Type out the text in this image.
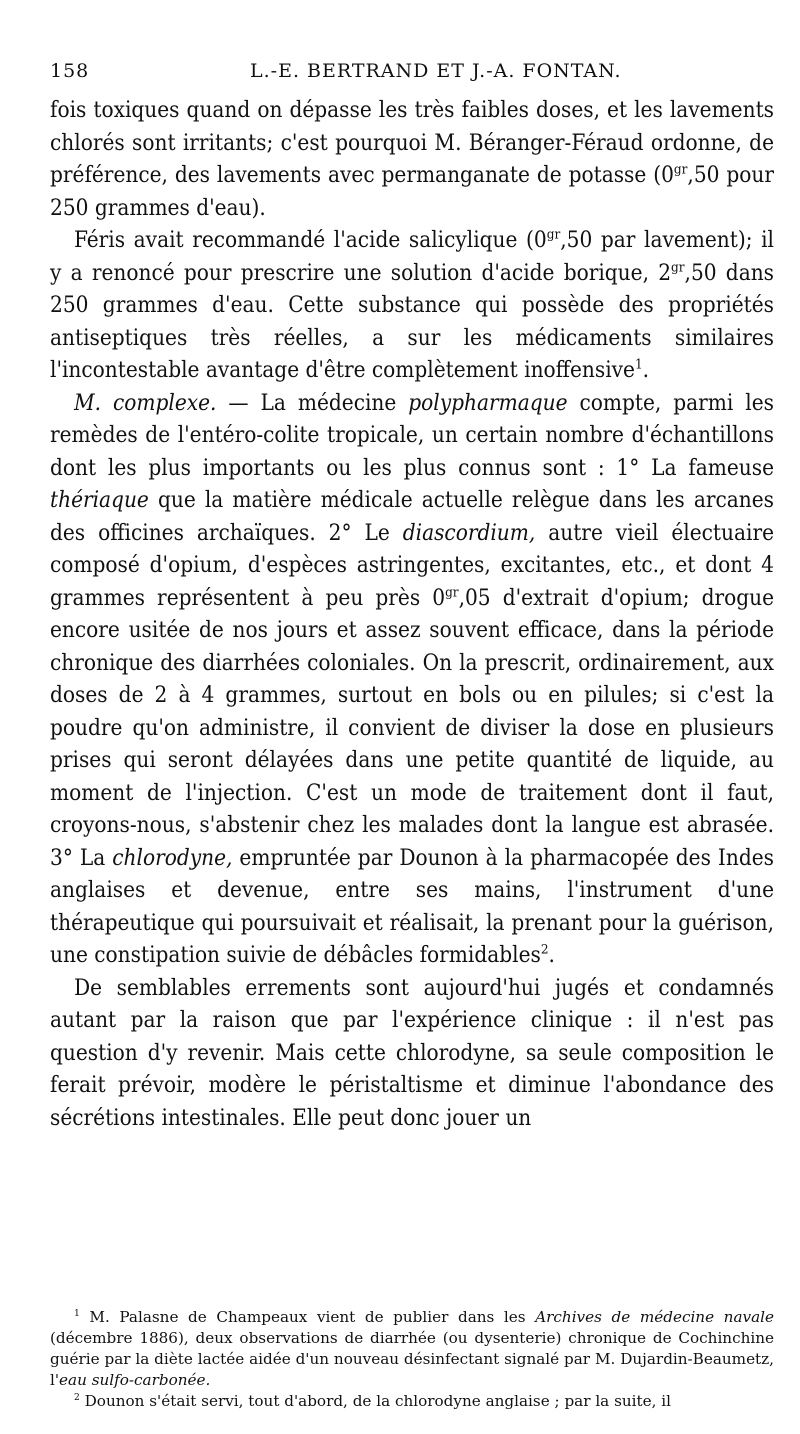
158	L.-E. BERTRAND ET J.-A. FONTAN.

fois toxiques quand on dépasse les très faibles doses, et les lavements chlorés sont irritants; c'est pourquoi M. Béranger-Féraud ordonne, de préférence, des lavements avec permanganate de potasse ($0^{gr},50$ pour 250 grammes d'eau).

Féris avait recommandé l'acide salicylique ($0^{gr},50$ par lavement); il y a renoncé pour prescrire une solution d'acide borique, $2^{gr},50$ dans 250 grammes d'eau. Cette substance qui possède des propriétés antiseptiques très réelles, a sur les médicaments similaires l'incontestable avantage d'être complètement inoffensive$^1$.

M. complexe. — La médecine polypharmaque compte, parmi les remèdes de l'entéro-colite tropicale, un certain nombre d'échantillons dont les plus importants ou les plus connus sont : 1° La fameuse thériaque que la matière médicale actuelle relègue dans les arcanes des officines archaïques. 2° Le diascordium, autre vieil électuaire composé d'opium, d'espèces astringentes, excitantes, etc., et dont 4 grammes représentent à peu près $0^{gr},05$ d'extrait d'opium; drogue encore usitée de nos jours et assez souvent efficace, dans la période chronique des diarrhées coloniales. On la prescrit, ordinairement, aux doses de 2 à 4 grammes, surtout en bols ou en pilules; si c'est la poudre qu'on administre, il convient de diviser la dose en plusieurs prises qui seront délayées dans une petite quantité de liquide, au moment de l'injection. C'est un mode de traitement dont il faut, croyons-nous, s'abstenir chez les malades dont la langue est abrasée. 3° La chlorodyne, empruntée par Dounon à la pharmacopée des Indes anglaises et devenue, entre ses mains, l'instrument d'une thérapeutique qui poursuivait et réalisait, la prenant pour la guérison, une constipation suivie de débâcles formidables$^2$.

De semblables errements sont aujourd'hui jugés et condamnés autant par la raison que par l'expérience clinique : il n'est pas question d'y revenir. Mais cette chlorodyne, sa seule composition le ferait prévoir, modère le péristaltisme et diminue l'abondance des sécrétions intestinales. Elle peut donc jouer un

$^1$ M. Palasne de Champeaux vient de publier dans les Archives de médecine navale (décembre 1886), deux observations de diarrhée (ou dysenterie) chronique de Cochinchine guérie par la diète lactée aidée d'un nouveau désinfectant signalé par M. Dujardin-Beaumetz, l'eau sulfo-carbonée.

$^2$ Dounon s'était servi, tout d'abord, de la chlorodyne anglaise ; par la suite, il
